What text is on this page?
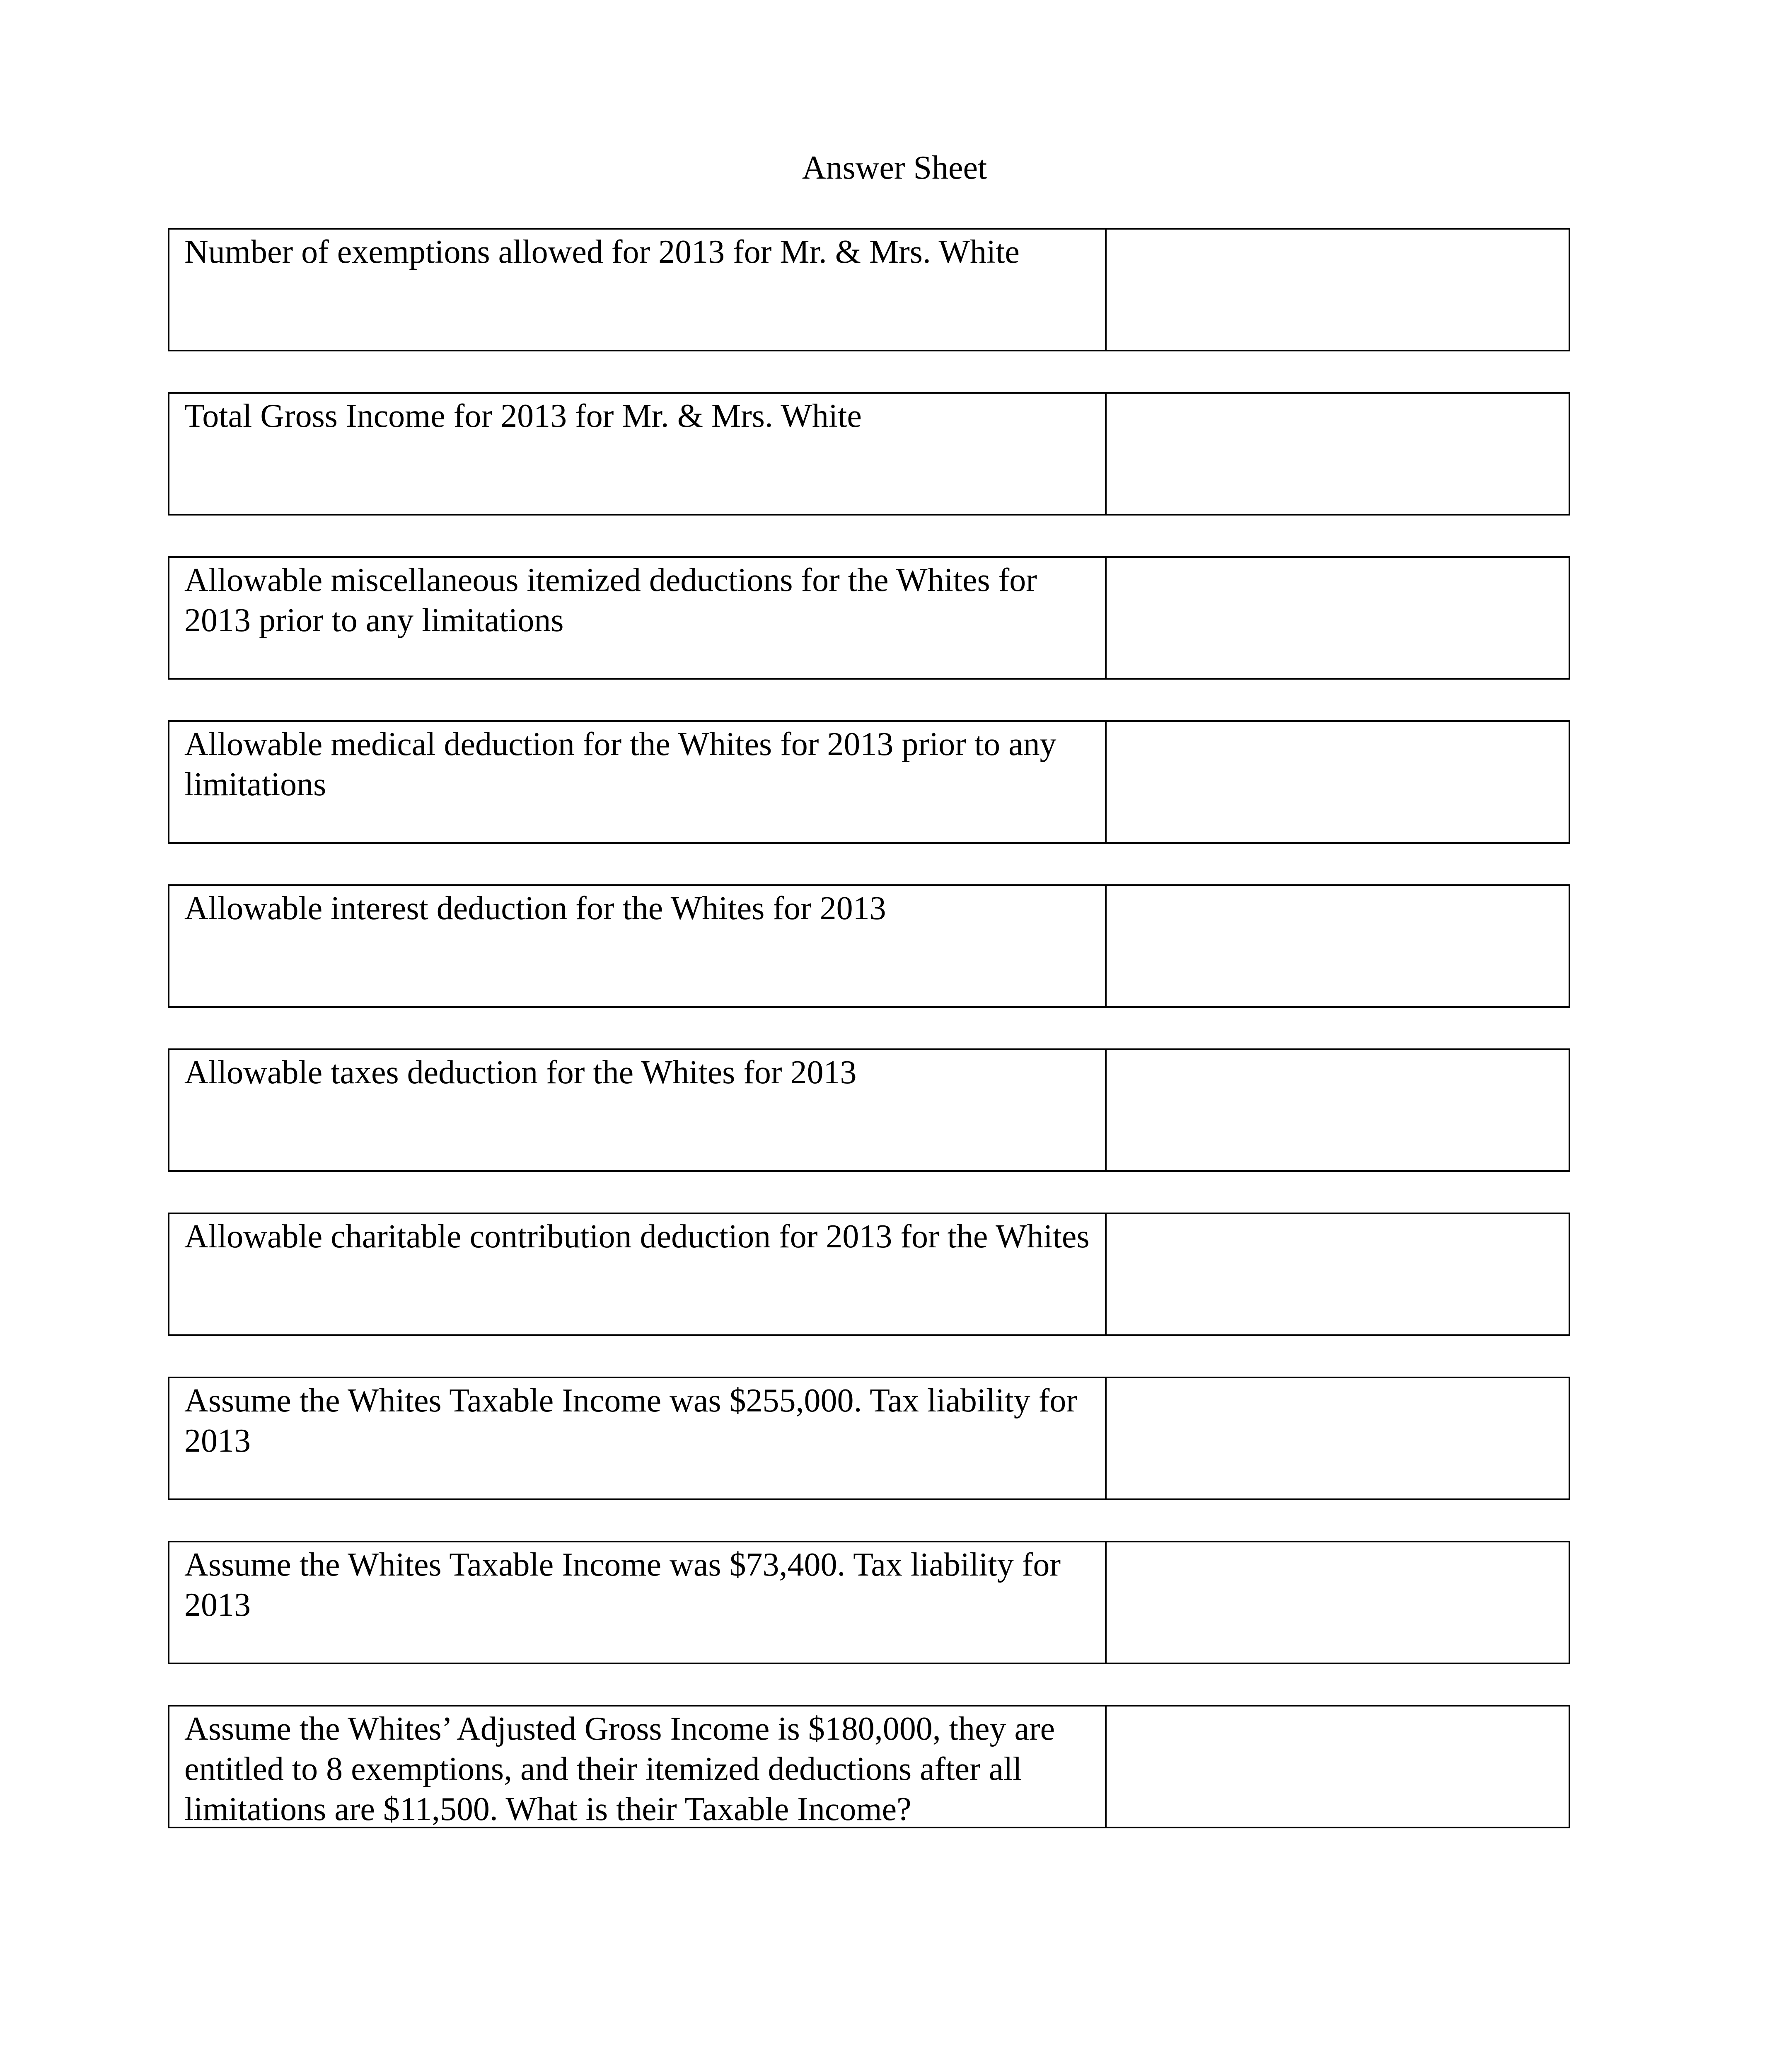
Answer Sheet
Number of exemptions allowed for 2013 for Mr. & Mrs. White
Total Gross Income for 2013 for Mr. & Mrs. White
Allowable miscellaneous itemized deductions for the Whites for 2013 prior to any limitations
Allowable medical deduction for the Whites for 2013 prior to any limitations
Allowable interest deduction for the Whites for 2013
Allowable taxes deduction for the Whites for 2013
Allowable charitable contribution deduction for 2013 for the Whites
Assume the Whites Taxable Income was $255,000. Tax liability for 2013
Assume the Whites Taxable Income was $73,400. Tax liability for 2013
Assume the Whites’ Adjusted Gross Income is $180,000, they are entitled to 8 exemptions, and their itemized deductions after all limitations are $11,500. What is their Taxable Income?
